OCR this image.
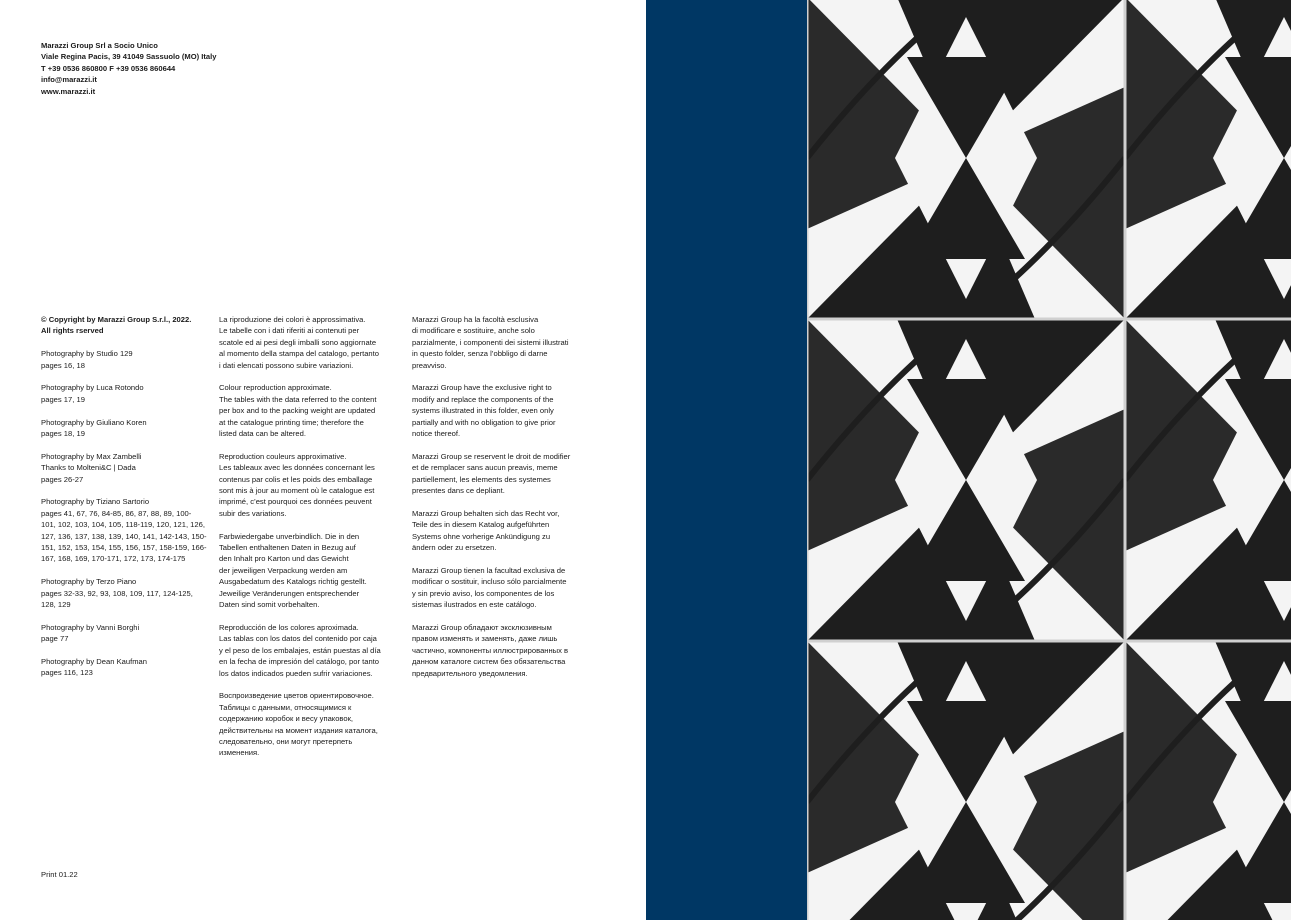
Marazzi Group Srl a Socio Unico

Viale Regina Pacis, 39 41049 Sassuolo (MO) Italy

T +39 0536 860800 F +39 0536 860644

info@marazzi.it

www.marazzi.it

© Copyright by Marazzi Group S.r.l., 2022.
All rights rserved

Photography by Studio 129
pages 16, 18

Photography by Luca Rotondo
pages 17, 19

Photography by Giuliano Koren
pages 18, 19

Photography by Max Zambelli
Thanks to Molteni&C | Dada
pages 26-27

Photography by Tiziano Sartorio
pages 41, 67, 76, 84-85, 86, 87, 88, 89, 100-
101, 102, 103, 104, 105, 118-119, 120, 121, 126,
127, 136, 137, 138, 139, 140, 141, 142-143, 150-
151, 152, 153, 154, 155, 156, 157, 158-159, 166-
167, 168, 169, 170-171, 172, 173, 174-175

Photography by Terzo Piano
pages 32-33, 92, 93, 108, 109, 117, 124-125,
128, 129

Photography by Vanni Borghi
page 77

Photography by Dean Kaufman
pages 116, 123

La riproduzione dei colori è approssimativa.
Le tabelle con i dati riferiti ai contenuti per
scatole ed ai pesi degli imballi sono aggiornate
al momento della stampa del catalogo, pertanto
i dati elencati possono subire variazioni.

Colour reproduction approximate.
The tables with the data referred to the content
per box and to the packing weight are updated
at the catalogue printing time; therefore the
listed data can be altered.

Reproduction couleurs approximative.
Les tableaux avec les données concernant les
contenus par colis et les poids des emballage
sont mis à jour au moment où le catalogue est
imprimé, c’est pourquoi ces données peuvent
subir des variations.

Farbwiedergabe unverbindlich. Die in den
Tabellen enthaltenen Daten in Bezug auf
den Inhalt pro Karton und das Gewicht
der jeweiligen Verpackung werden am
Ausgabedatum des Katalogs richtig gestellt.
Jeweilige Veränderungen entsprechender
Daten sind somit vorbehalten.

Reproducción de los colores aproximada.
Las tablas con los datos del contenido por caja
y el peso de los embalajes, están puestas al día
en la fecha de impresión del catálogo, por tanto
los datos indicados pueden sufrir variaciones.

Воспроизведение цветов ориентировочное.
Таблицы с данными, относящимися к
содержанию коробок и весу упаковок,
действительны на момент издания каталога,
следовательно, они могут претерпеть
изменения.

Marazzi Group ha la facoltà esclusiva
di modificare e sostituire, anche solo
parzialmente, i componenti dei sistemi illustrati
in questo folder, senza l’obbligo di darne
preavviso.

Marazzi Group have the exclusive right to
modify and replace the components of the
systems illustrated in this folder, even only
partially and with no obligation to give prior
notice thereof.

Marazzi Group se reservent le droit de modifier
et de remplacer sans aucun preavis, meme
partiellement, les elements des systemes
presentes dans ce depliant.

Marazzi Group behalten sich das Recht vor,
Teile des in diesem Katalog aufgeführten
Systems ohne vorherige Ankündigung zu
ändern oder zu ersetzen.

Marazzi Group tienen la facultad exclusiva de
modificar o sostituir, incluso sólo parcialmente
y sin previo aviso, los componentes de los
sistemas ilustrados en este catálogo.

Marazzi Group обладают эксклюзивным
правом изменять и заменять, даже лишь
частично, компоненты иллюстрированных в
данном каталоге систем без обязательства
предварительного уведомления.

Print 01.22
